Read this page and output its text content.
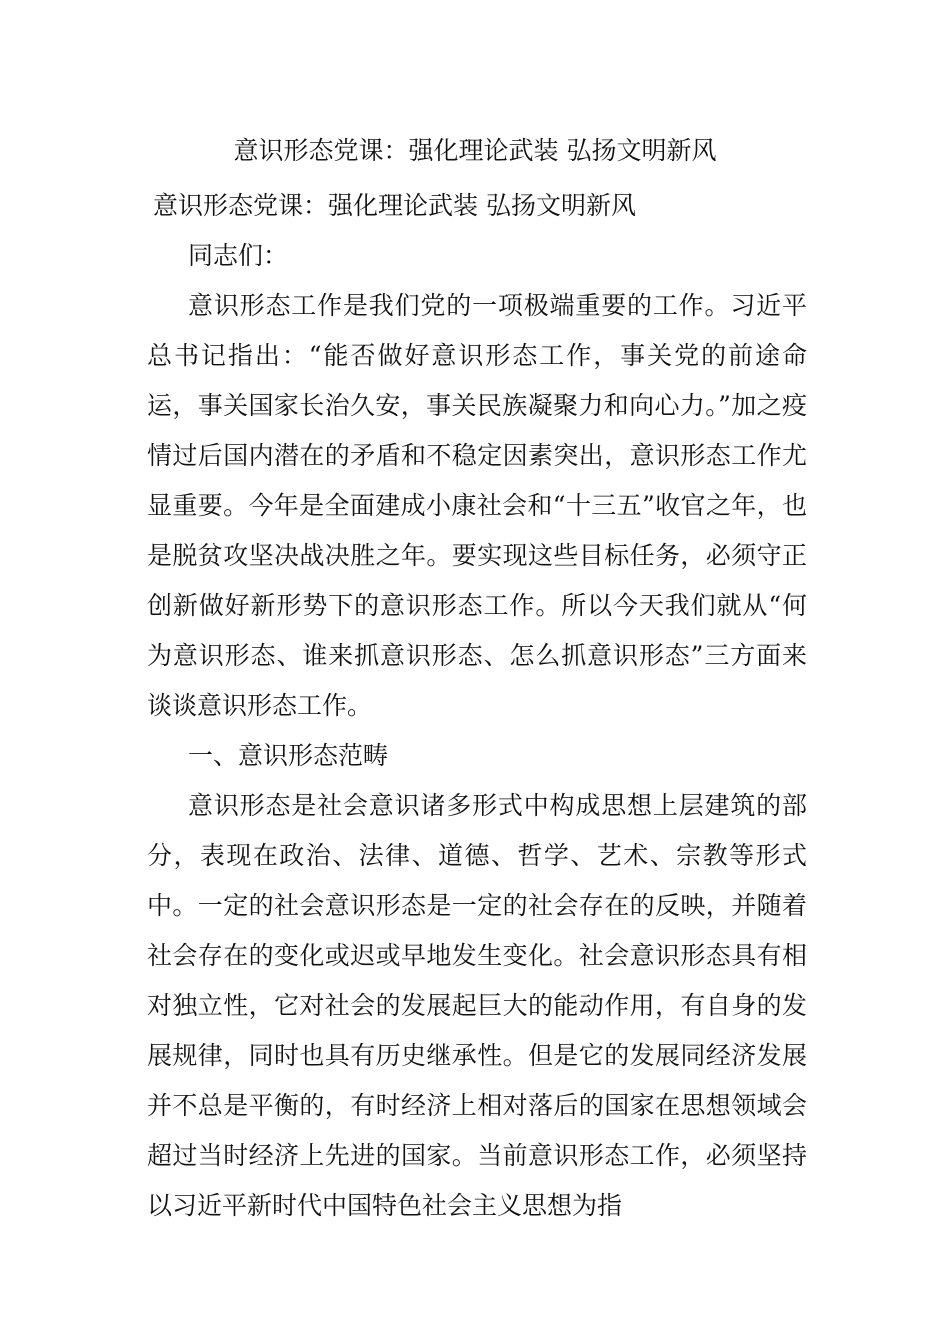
意识形态党课：强化理论武装 弘扬文明新风

意识形态党课：强化理论武装 弘扬文明新风

同志们：

意识形态工作是我们党的一项极端重要的工作。习近平总书记指出：“能否做好意识形态工作，事关党的前途命运，事关国家长治久安，事关民族凝聚力和向心力。”加之疫情过后国内潜在的矛盾和不稳定因素突出，意识形态工作尤显重要。今年是全面建成小康社会和“十三五”收官之年，也是脱贫攻坚决战决胜之年。要实现这些目标任务，必须守正创新做好新形势下的意识形态工作。所以今天我们就从“何为意识形态、谁来抓意识形态、怎么抓意识形态”三方面来谈谈意识形态工作。

一、意识形态范畴

意识形态是社会意识诸多形式中构成思想上层建筑的部分，表现在政治、法律、道德、哲学、艺术、宗教等形式中。一定的社会意识形态是一定的社会存在的反映，并随着社会存在的变化或迟或早地发生变化。社会意识形态具有相对独立性，它对社会的发展起巨大的能动作用，有自身的发展规律，同时也具有历史继承性。但是它的发展同经济发展并不总是平衡的，有时经济上相对落后的国家在思想领域会超过当时经济上先进的国家。当前意识形态工作，必须坚持以习近平新时代中国特色社会主义思想为指
